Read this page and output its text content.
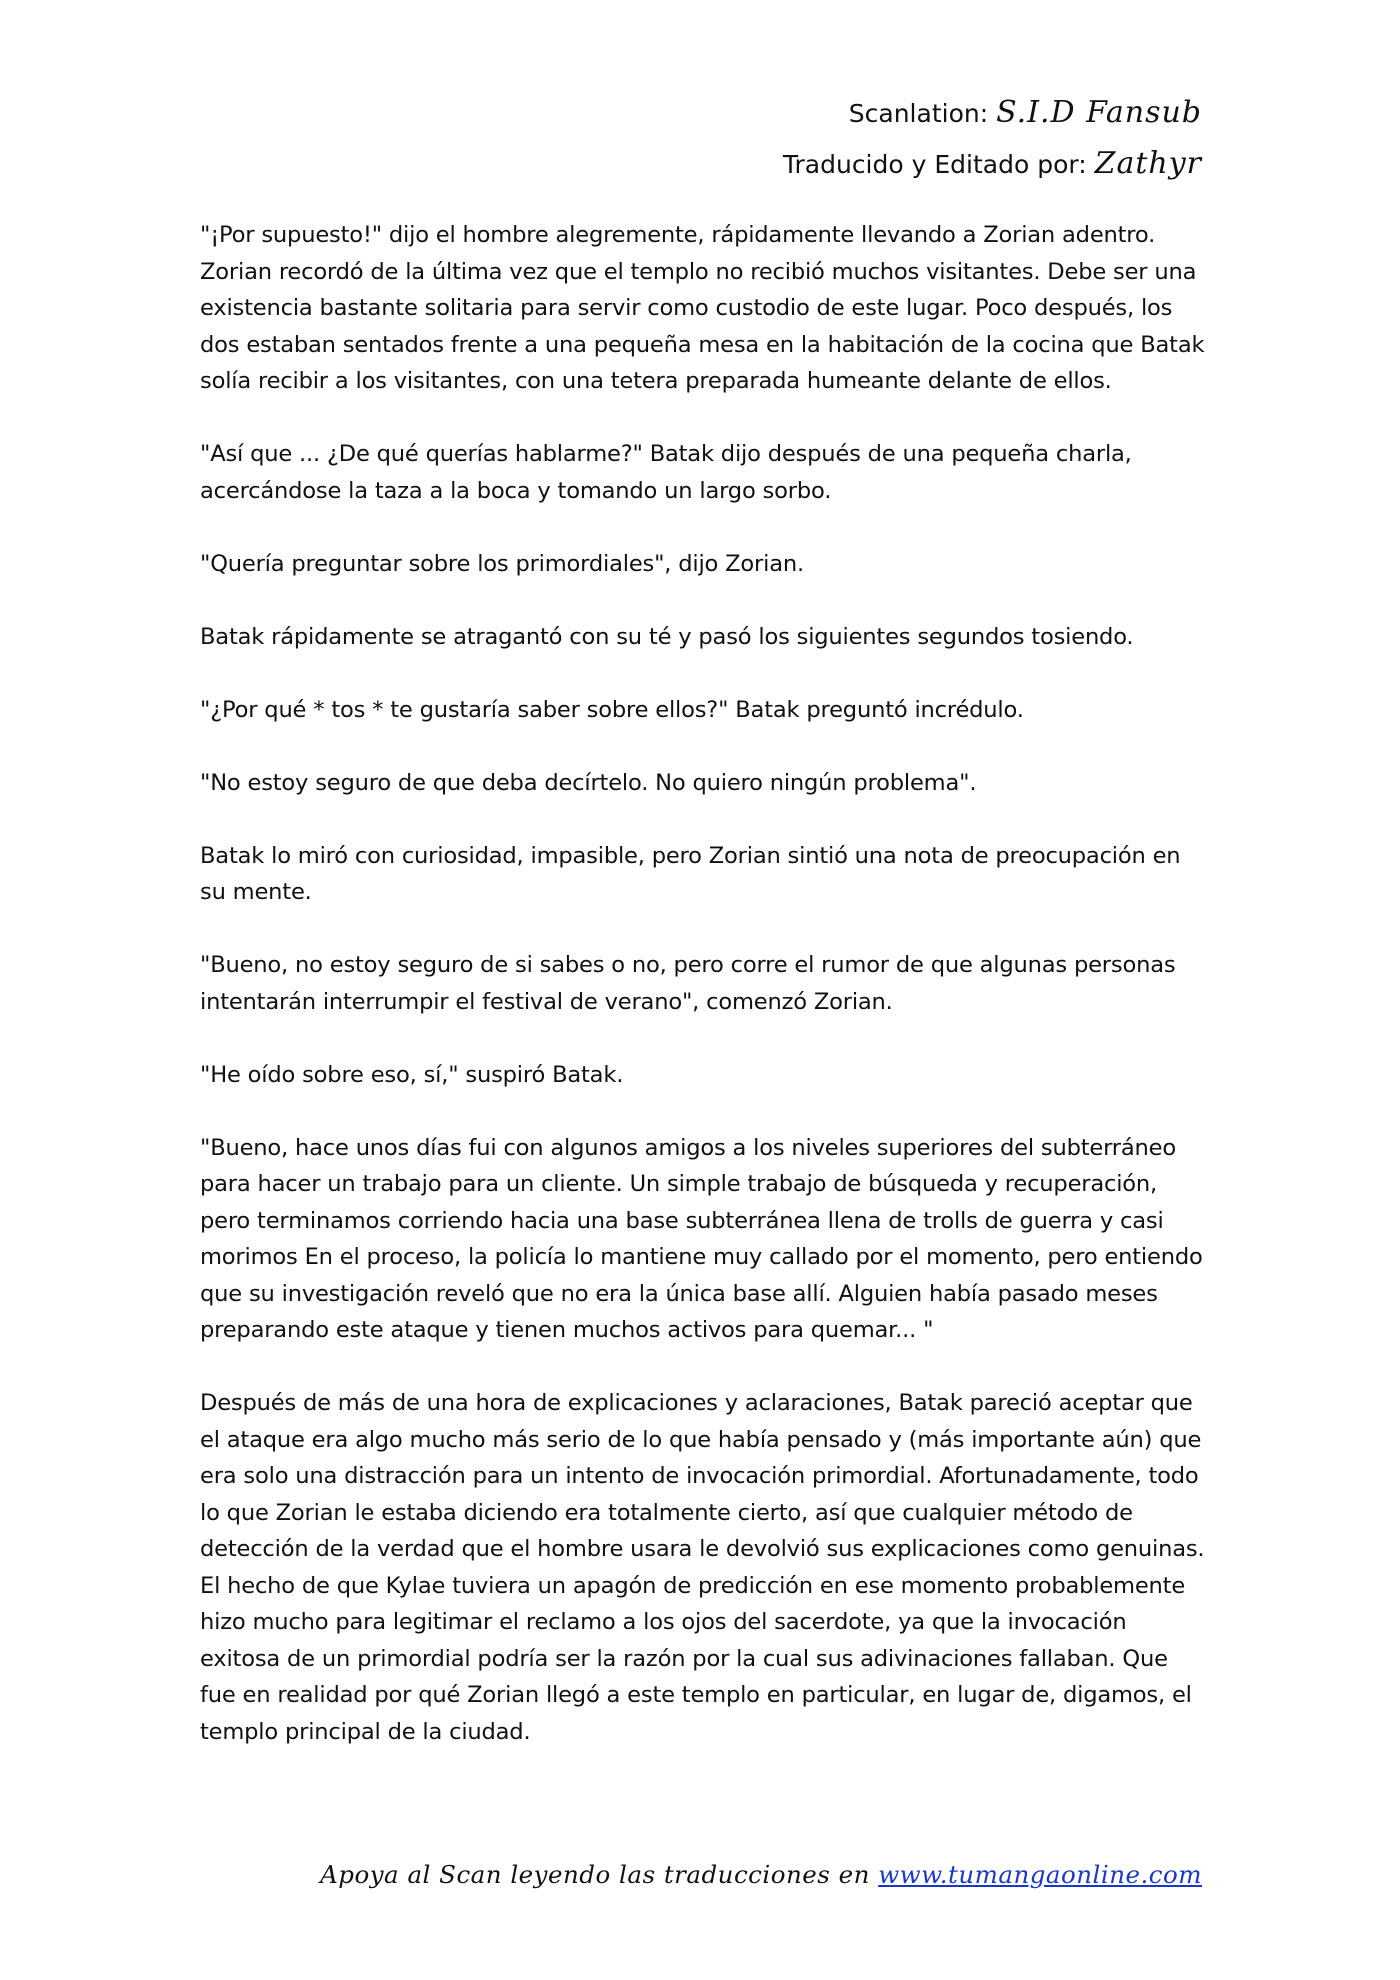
Scanlation: S.I.D Fansub
Traducido y Editado por: Zathyr

"¡Por supuesto!" dijo el hombre alegremente, rápidamente llevando a Zorian adentro. Zorian recordó de la última vez que el templo no recibió muchos visitantes. Debe ser una existencia bastante solitaria para servir como custodio de este lugar. Poco después, los dos estaban sentados frente a una pequeña mesa en la habitación de la cocina que Batak solía recibir a los visitantes, con una tetera preparada humeante delante de ellos.

"Así que ... ¿De qué querías hablarme?" Batak dijo después de una pequeña charla, acercándose la taza a la boca y tomando un largo sorbo.

"Quería preguntar sobre los primordiales", dijo Zorian.

Batak rápidamente se atragantó con su té y pasó los siguientes segundos tosiendo.

"¿Por qué * tos * te gustaría saber sobre ellos?" Batak preguntó incrédulo.

"No estoy seguro de que deba decírtelo. No quiero ningún problema".

Batak lo miró con curiosidad, impasible, pero Zorian sintió una nota de preocupación en su mente.

"Bueno, no estoy seguro de si sabes o no, pero corre el rumor de que algunas personas intentarán interrumpir el festival de verano", comenzó Zorian.

"He oído sobre eso, sí," suspiró Batak.

"Bueno, hace unos días fui con algunos amigos a los niveles superiores del subterráneo para hacer un trabajo para un cliente. Un simple trabajo de búsqueda y recuperación, pero terminamos corriendo hacia una base subterránea llena de trolls de guerra y casi morimos En el proceso, la policía lo mantiene muy callado por el momento, pero entiendo que su investigación reveló que no era la única base allí. Alguien había pasado meses preparando este ataque y tienen muchos activos para quemar... "

Después de más de una hora de explicaciones y aclaraciones, Batak pareció aceptar que el ataque era algo mucho más serio de lo que había pensado y (más importante aún) que era solo una distracción para un intento de invocación primordial. Afortunadamente, todo lo que Zorian le estaba diciendo era totalmente cierto, así que cualquier método de detección de la verdad que el hombre usara le devolvió sus explicaciones como genuinas. El hecho de que Kylae tuviera un apagón de predicción en ese momento probablemente hizo mucho para legitimar el reclamo a los ojos del sacerdote, ya que la invocación exitosa de un primordial podría ser la razón por la cual sus adivinaciones fallaban. Que fue en realidad por qué Zorian llegó a este templo en particular, en lugar de, digamos, el templo principal de la ciudad.

Apoya al Scan leyendo las traducciones en www.tumangaonline.com
